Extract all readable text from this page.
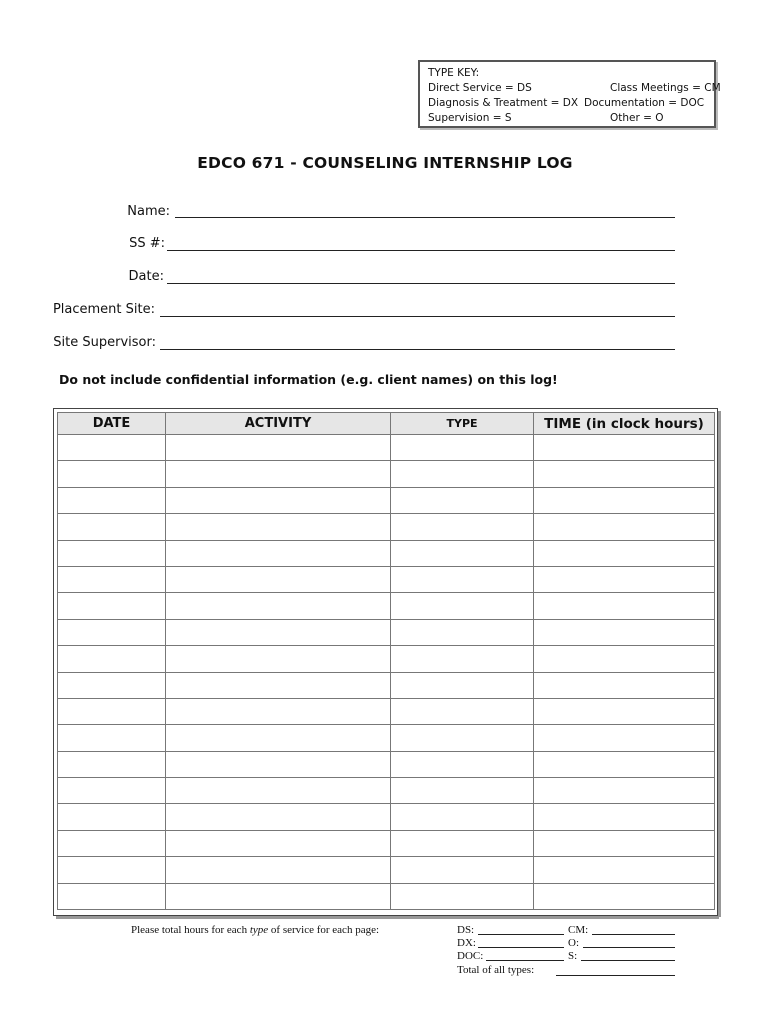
TYPE KEY:
Direct Service = DS	Class Meetings = CM
Diagnosis & Treatment = DX Documentation = DOC
Supervision = S	Other = O
EDCO 671 - COUNSELING INTERNSHIP LOG
Name:
SS #:
Date:
Placement Site:
Site Supervisor:
Do not include confidential information (e.g. client names) on this log!
DATE	ACTIVITY	TYPE	TIME (in clock hours)

Please total hours for each type of service for each page:	DS:	CM:
DX:	O:
DOC:	S:
Total of all types:
